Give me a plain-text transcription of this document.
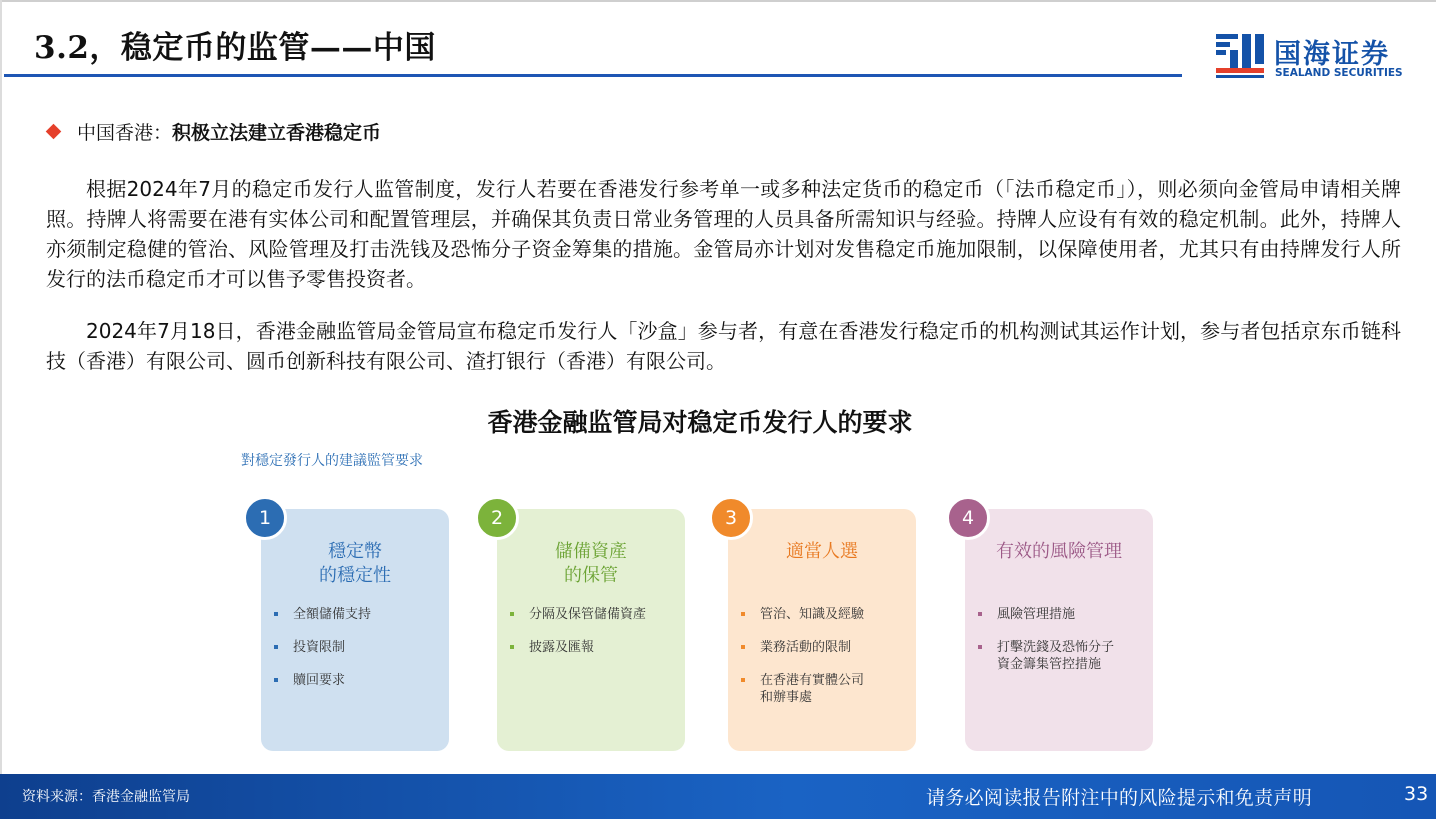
3.2，稳定币的监管——中国	国海证券
SEALAND SECURITIES
中国香港：积极立法建立香港稳定币

根据2024年7月的稳定币发行人监管制度，发行人若要在香港发行参考单一或多种法定货币的稳定币（「法币稳定币」），则必须向金管局申请相关牌照。持牌人将需要在港有实体公司和配置管理层，并确保其负责日常业务管理的人员具备所需知识与经验。持牌人应设有有效的稳定机制。此外，持牌人亦须制定稳健的管治、风险管理及打击洗钱及恐怖分子资金筹集的措施。金管局亦计划对发售稳定币施加限制，以保障使用者，尤其只有由持牌发行人所发行的法币稳定币才可以售予零售投资者。

2024年7月18日，香港金融监管局金管局宣布稳定币发行人「沙盒」参与者，有意在香港发行稳定币的机构测试其运作计划，参与者包括京东币链科技（香港）有限公司、圆币创新科技有限公司、渣打银行（香港）有限公司。

香港金融监管局对稳定币发行人的要求
對穩定發行人的建議監管要求
穩定幣
的穩定性
全額儲備支持
投資限制
贖回要求
1
儲備資產
的保管
分隔及保管儲備資產
披露及匯報
2
適當人選
管治、知識及經驗
業務活動的限制
在香港有實體公司和辦事處
3
有效的風險管理
風險管理措施
打擊洗錢及恐怖分子資金籌集管控措施
4
资料来源：香港金融监管局	请务必阅读报告附注中的风险提示和免责声明	33
